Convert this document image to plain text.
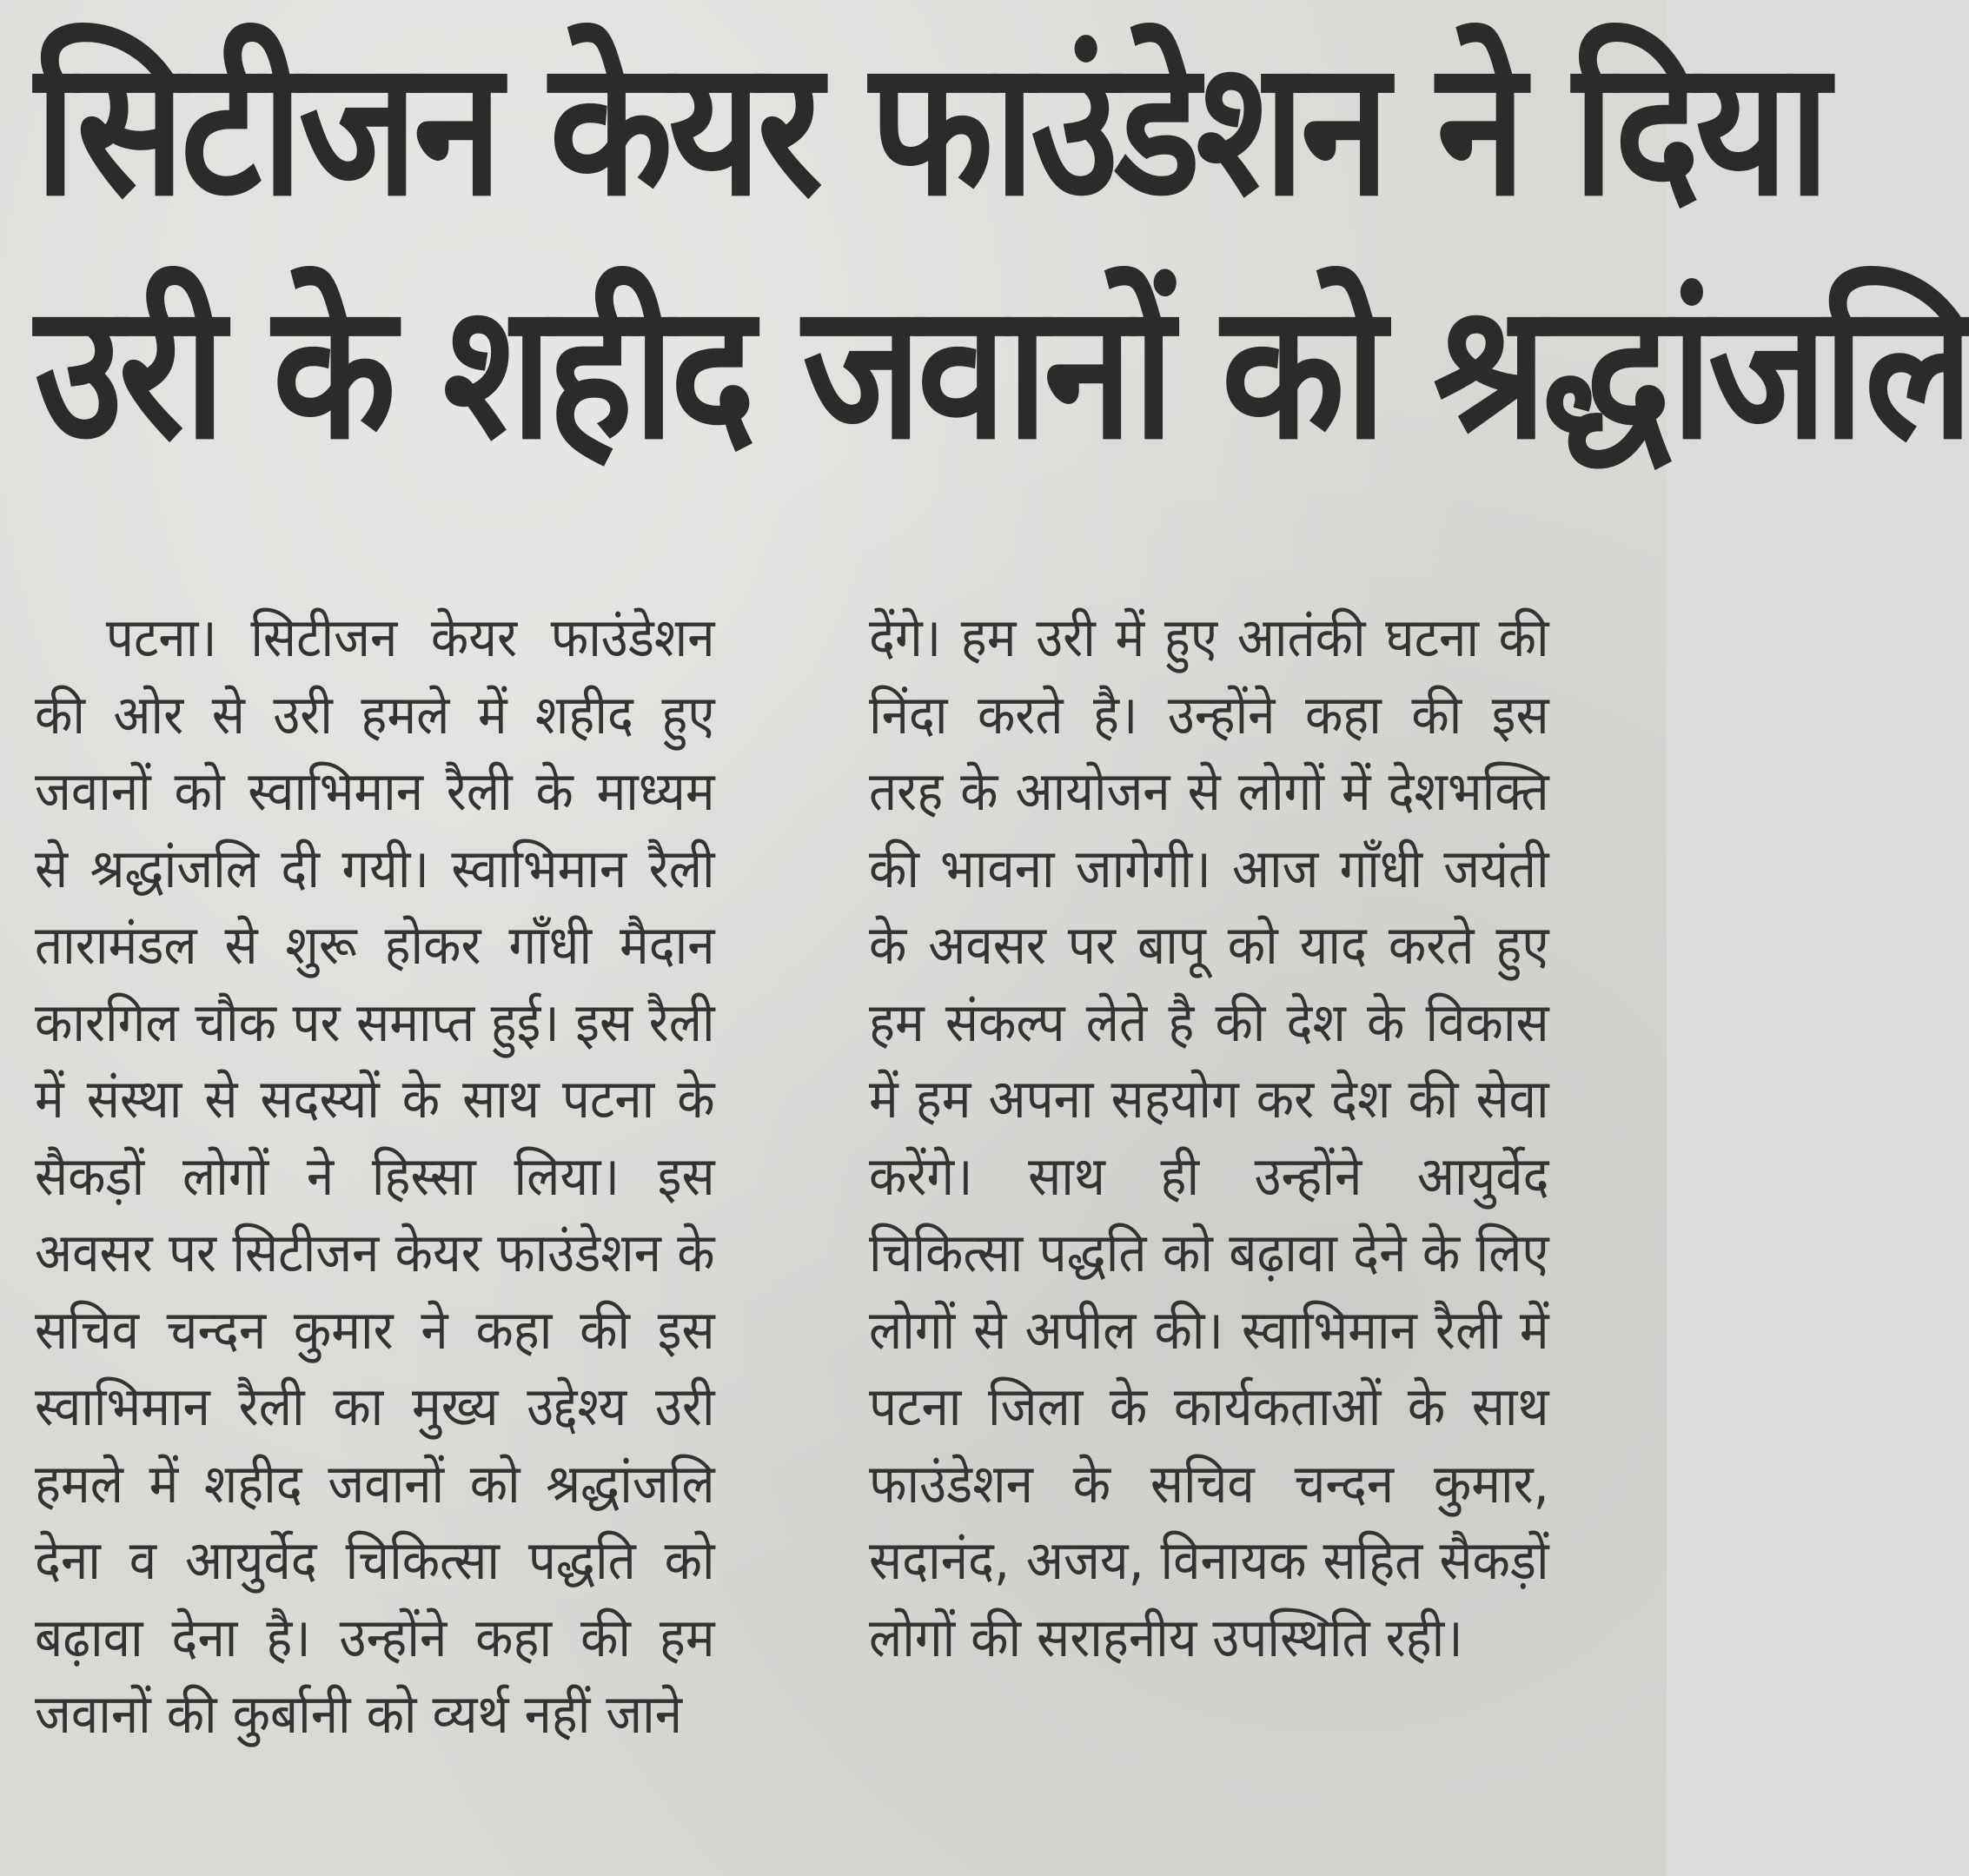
सिटीजन केयर फाउंडेशन ने दिया
उरी के शहीद जवानों को श्रद्धांजलि

पटना। सिटीजन केयर फाउंडेशन की ओर से उरी हमले में शहीद हुए जवानों को स्वाभिमान रैली के माध्यम से श्रद्धांजलि दी गयी। स्वाभिमान रैली तारामंडल से शुरू होकर गाँधी मैदान कारगिल चौक पर समाप्त हुई। इस रैली में संस्था से सदस्यों के साथ पटना के सैकड़ों लोगों ने हिस्सा लिया। इस अवसर पर सिटीजन केयर फाउंडेशन के सचिव चन्दन कुमार ने कहा की इस स्वाभिमान रैली का मुख्य उद्देश्य उरी हमले में शहीद जवानों को श्रद्धांजलि देना व आयुर्वेद चिकित्सा पद्धति को बढ़ावा देना है। उन्होंने कहा की हम जवानों की कुर्बानी को व्यर्थ नहीं जाने

देंगे। हम उरी में हुए आतंकी घटना की निंदा करते है। उन्होंने कहा की इस तरह के आयोजन से लोगों में देशभक्ति की भावना जागेगी। आज गाँधी जयंती के अवसर पर बापू को याद करते हुए हम संकल्प लेते है की देश के विकास में हम अपना सहयोग कर देश की सेवा करेंगे। साथ ही उन्होंने आयुर्वेद चिकित्सा पद्धति को बढ़ावा देने के लिए लोगों से अपील की। स्वाभिमान रैली में पटना जिला के कार्यकताओं के साथ फाउंडेशन के सचिव चन्दन कुमार, सदानंद, अजय, विनायक सहित सैकड़ों लोगों की सराहनीय उपस्थिति रही।
